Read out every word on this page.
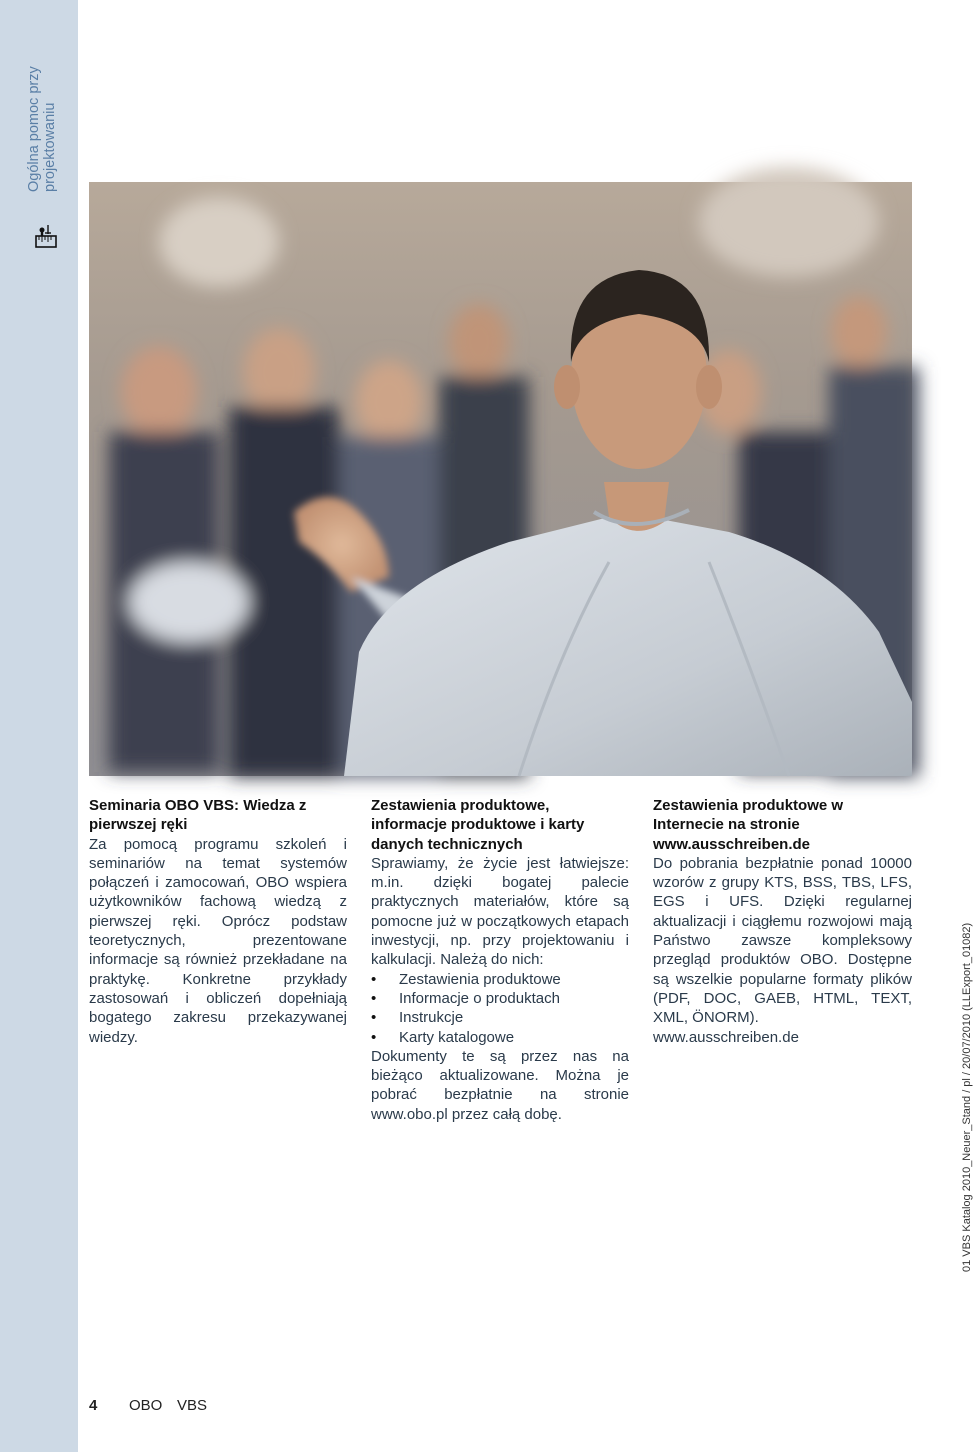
Ogólna pomoc przy projektowaniu
Seminaria OBO VBS: Wiedza z pierwszej ręki

Za pomocą programu szkoleń i seminariów na temat systemów połączeń i zamocowań, OBO wspiera użytkowników fachową wiedzą z pierwszej ręki. Oprócz podstaw teoretycznych, prezentowane informacje są również przekładane na praktykę. Konkretne przykłady zastosowań i obliczeń dopełniają bogatego zakresu przekazywanej wiedzy.

Zestawienia produktowe, informacje produktowe i karty danych technicznych

Sprawiamy, że życie jest łatwiejsze: m.in. dzięki bogatej palecie praktycznych materiałów, które są pomocne już w początkowych etapach inwestycji, np. przy projektowaniu i kalkulacji. Należą do nich:

• Zestawienia produktowe
• Informacje o produktach
• Instrukcje
• Karty katalogowe

Dokumenty te są przez nas na bieżąco aktualizowane. Można je pobrać bezpłatnie na stronie www.obo.pl przez całą dobę.

Zestawienia produktowe w Internecie na stronie www.ausschreiben.de

Do pobrania bezpłatnie ponad 10000 wzorów z grupy KTS, BSS, TBS, LFS, EGS i UFS. Dzięki regularnej aktualizacji i ciągłemu rozwojowi mają Państwo zawsze kompleksowy przegląd produktów OBO. Dostępne są wszelkie popularne formaty plików (PDF, DOC, GAEB, HTML, TEXT, XML, ÖNORM).

www.ausschreiben.de

4 OBO VBS
01 VBS Katalog 2010_Neuer_Stand / pl / 20/07/2010 (LLExport_01082)
